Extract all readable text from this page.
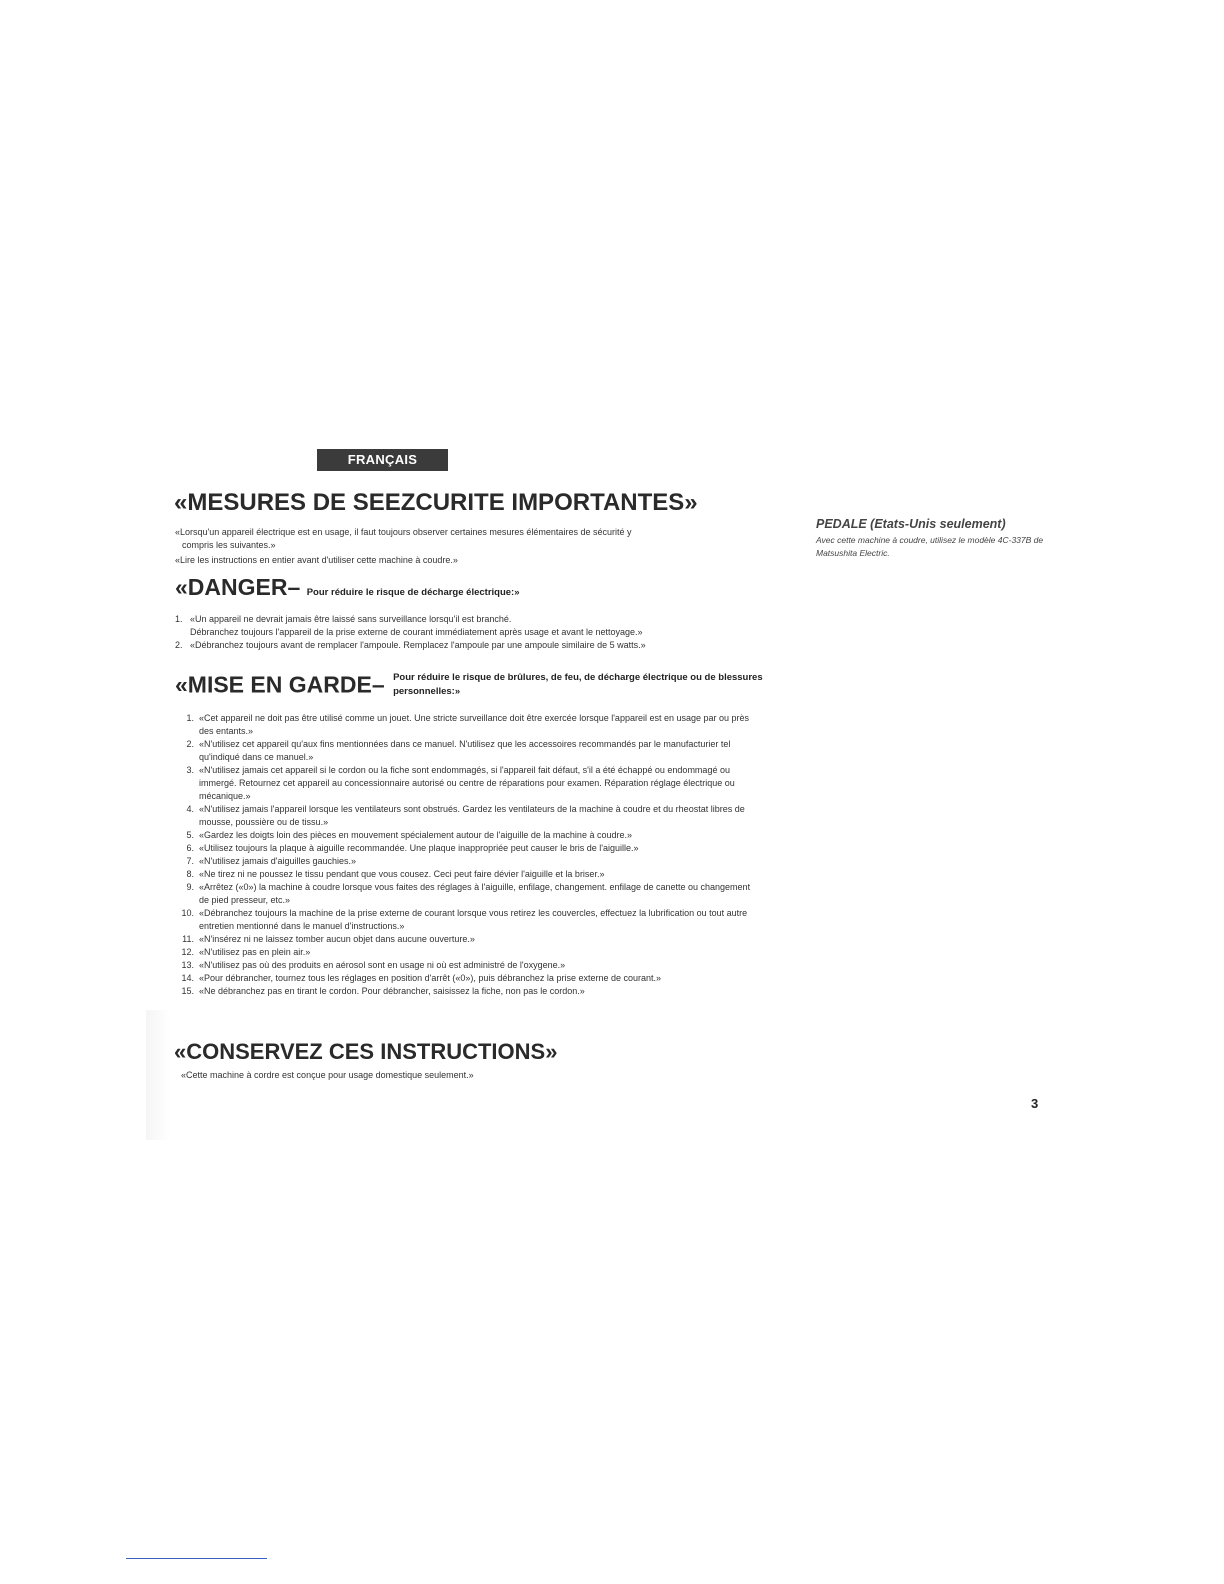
FRANÇAIS
«MESURES DE SEEZCURITE IMPORTANTES»

«Lorsqu'un appareil électrique est en usage, il faut toujours observer certaines mesures élémentaires de sécurité y

compris les suivantes.»

«Lire les instructions en entier avant d'utiliser cette machine à coudre.»

«DANGER– Pour réduire le risque de décharge électrique:»
1. «Un appareil ne devrait jamais être laissé sans surveillance lorsqu'il est branché.
Débranchez toujours l'appareil de la prise externe de courant immédiatement après usage et avant le nettoyage.»
2. «Débranchez toujours avant de remplacer l'ampoule. Remplacez l'ampoule par une ampoule similaire de 5 watts.»
«MISE EN GARDE– Pour réduire le risque de brûlures, de feu, de décharge électrique ou de blessures personnelles:»
1. «Cet appareil ne doit pas être utilisé comme un jouet. Une stricte surveillance doit être exercée lorsque l'appareil est en usage par ou près des entants.»
2. «N'utilisez cet appareil qu'aux fins mentionnées dans ce manuel. N'utilisez que les accessoires recommandés par le manufacturier tel qu'indiqué dans ce manuel.»
3. «N'utilisez jamais cet appareil si le cordon ou la fiche sont endommagés, si l'appareil fait défaut, s'il a été échappé ou endommagé ou immergé. Retournez cet appareil au concessionnaire autorisé ou centre de réparations pour examen. Réparation réglage électrique ou mécanique.»
4. «N'utilisez jamais l'appareil lorsque les ventilateurs sont obstrués. Gardez les ventilateurs de la machine à coudre et du rheostat libres de mousse, poussière ou de tissu.»
5. «Gardez les doigts loin des pièces en mouvement spécialement autour de l'aiguille de la machine à coudre.»
6. «Utilisez toujours la plaque à aiguille recommandée. Une plaque inappropriée peut causer le bris de l'aiguille.»
7. «N'utilisez jamais d'aiguilles gauchies.»
8. «Ne tirez ni ne poussez le tissu pendant que vous cousez. Ceci peut faire dévier l'aiguille et la briser.»
9. «Arrêtez («0») la machine à coudre lorsque vous faites des réglages à l'aiguille, enfilage, changement. enfilage de canette ou changement de pied presseur, etc.»
10. «Débranchez toujours la machine de la prise externe de courant lorsque vous retirez les couvercles, effectuez la lubrification ou tout autre entretien mentionné dans le manuel d'instructions.»
11. «N'insérez ni ne laissez tomber aucun objet dans aucune ouverture.»
12. «N'utilisez pas en plein air.»
13. «N'utilisez pas où des produits en aérosol sont en usage ni où est administré de l'oxygene.»
14. «Pour débrancher, tournez tous les réglages en position d'arrêt («0»), puis débranchez la prise externe de courant.»
15. «Ne débranchez pas en tirant le cordon. Pour débrancher, saisissez la fiche, non pas le cordon.»
«CONSERVEZ CES INSTRUCTIONS»
«Cette machine à cordre est conçue pour usage domestique seulement.»

PEDALE (Etats-Unis seulement)

Avec cette machine à coudre, utilisez le modèle 4C-337B de Matsushita Electric.

3
